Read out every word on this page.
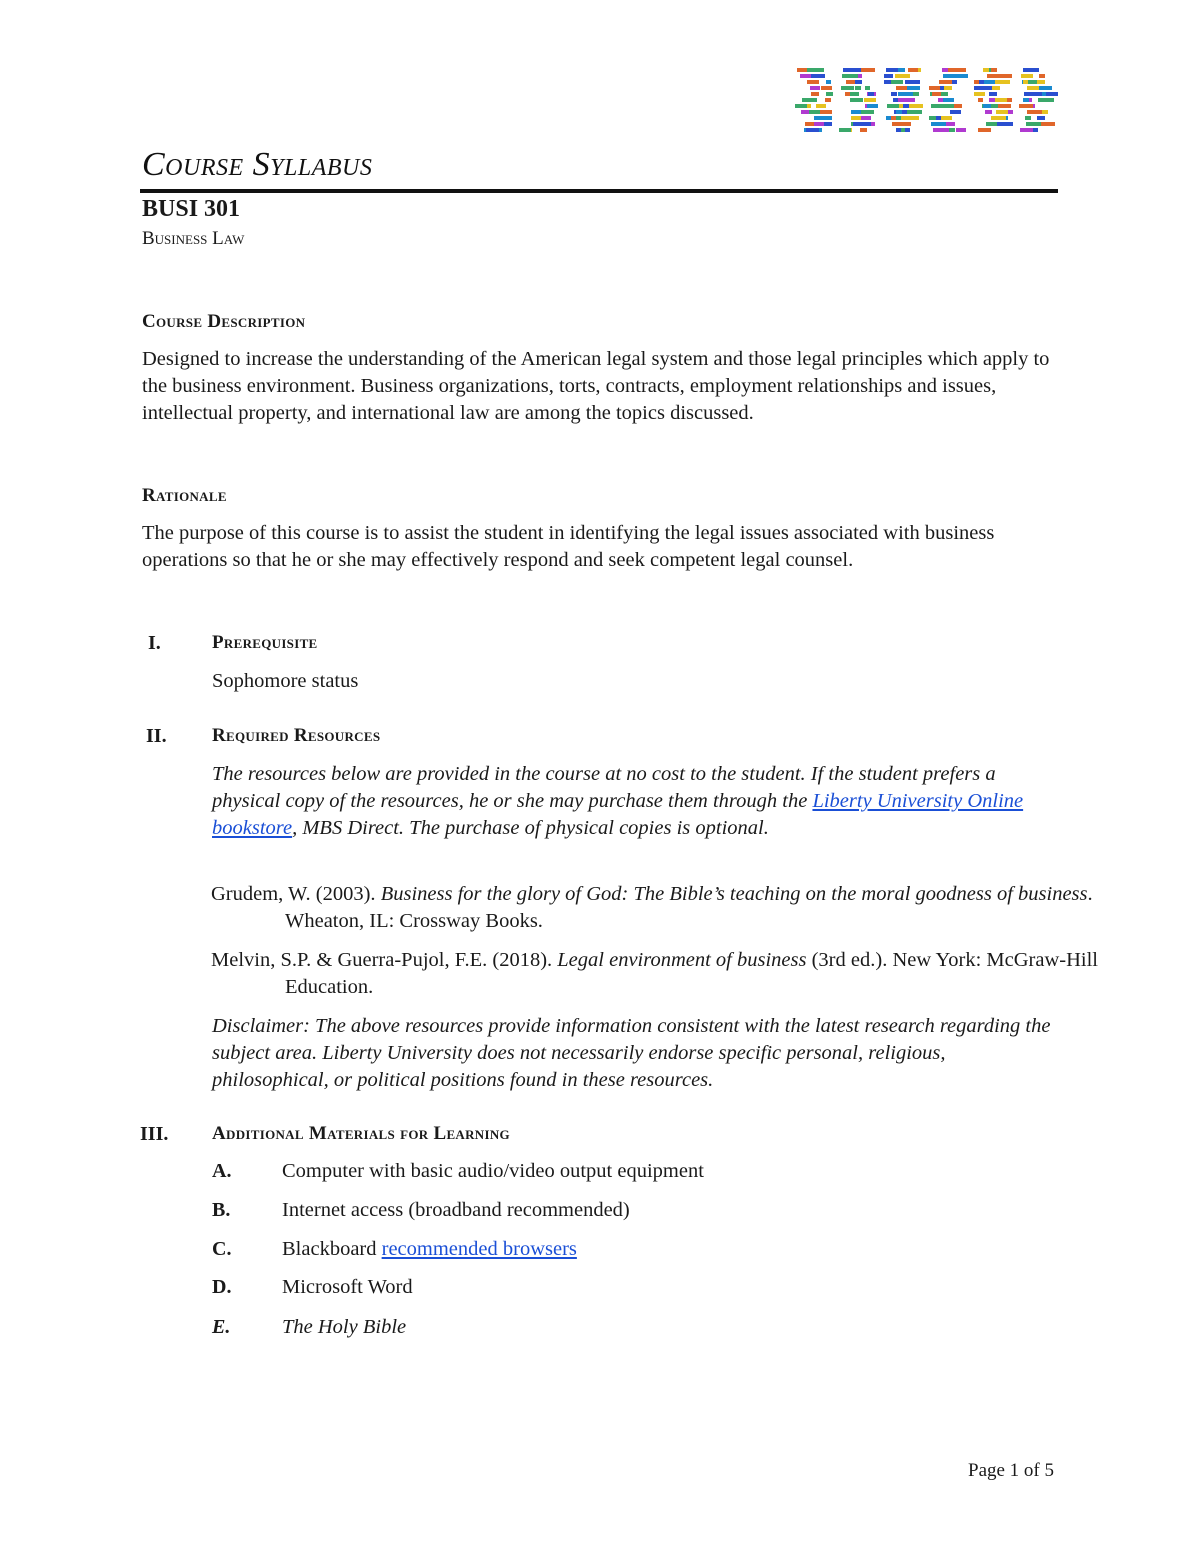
Course Syllabus
BUSI 301
Business Law
Course Description
Designed to increase the understanding of the American legal system and those legal principles which apply to the business environment. Business organizations, torts, contracts, employment relationships and issues, intellectual property, and international law are among the topics discussed.
Rationale
The purpose of this course is to assist the student in identifying the legal issues associated with business operations so that he or she may effectively respond and seek competent legal counsel.
I.	Prerequisite
Sophomore status
II.	Required Resources
The resources below are provided in the course at no cost to the student. If the student prefers a physical copy of the resources, he or she may purchase them through the Liberty University Online bookstore, MBS Direct. The purchase of physical copies is optional.
Grudem, W. (2003). Business for the glory of God: The Bible’s teaching on the moral goodness of business. Wheaton, IL: Crossway Books.
Melvin, S.P. & Guerra-Pujol, F.E. (2018). Legal environment of business (3rd ed.). New York: McGraw-Hill Education.
Disclaimer: The above resources provide information consistent with the latest research regarding the subject area. Liberty University does not necessarily endorse specific personal, religious, philosophical, or political positions found in these resources.
III.	Additional Materials for Learning
A. Computer with basic audio/video output equipment
B.	Internet access (broadband recommended)
C. Blackboard recommended browsers
D. Microsoft Word
E.	The Holy Bible
Page 1 of 5
